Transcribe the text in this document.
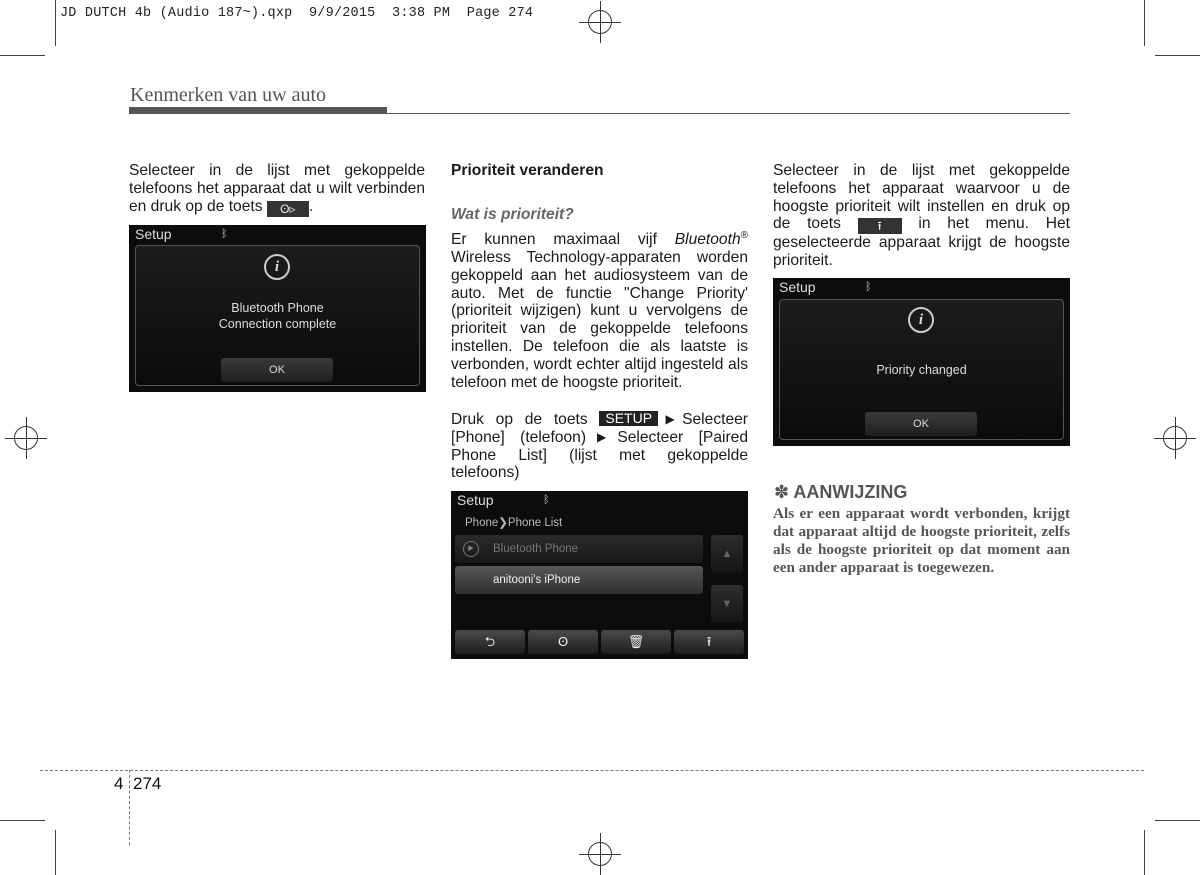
JD DUTCH 4b (Audio 187~).qxp  9/9/2015  3:38 PM  Page 274
Kenmerken van uw auto
Selecteer in de lijst met gekoppelde telefoons het apparaat dat u wilt verbinden en druk op de toets ʘ▹ .
Setup	ᛒ
i
Bluetooth Phone
Connection complete
OK
Prioriteit veranderen
Wat is prioriteit?
Er kunnen maximaal vijf Bluetooth® Wireless Technology-apparaten worden gekoppeld aan het audiosysteem van de auto. Met de functie "Change Priority' (prioriteit wijzigen) kunt u vervolgens de prioriteit van de gekoppelde telefoons instellen. De telefoon die als laatste is verbonden, wordt echter altijd ingesteld als telefoon met de hoogste prioriteit.
Druk op de toets SETUP ▶Selecteer [Phone] (telefoon)▶Selecteer [Paired Phone List] (lijst met gekoppelde telefoons)
Setup	ᛒ
Phone❯Phone List
▶	Bluetooth Phone
anitooni's iPhone
▲
▼
⮌	ʘ	🗑	⭱
Selecteer in de lijst met gekoppelde telefoons het apparaat waarvoor u de hoogste prioriteit wilt instellen en druk op de toets	⭱ in het menu. Het geselecteerde apparaat krijgt de hoogste prioriteit.
Setup	ᛒ
i
Priority changed
OK
✽ AANWIJZING
Als er een apparaat wordt verbonden, krijgt dat apparaat altijd de hoogste prioriteit, zelfs als de hoogste prioriteit op dat moment aan een ander apparaat is toegewezen.
4 274
